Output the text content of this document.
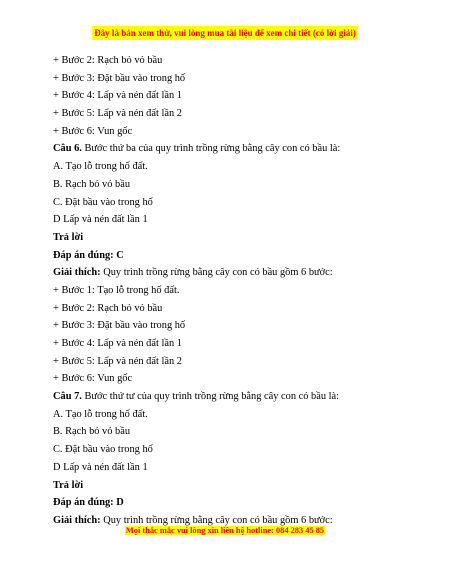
Đây là bản xem thử, vui lòng mua tài liệu để xem chi tiết (có lời giải)
+ Bước 2: Rạch bỏ vỏ bầu
+ Bước 3: Đặt bầu vào trong hố
+ Bước 4: Lấp và nén đất lần 1
+ Bước 5: Lấp và nén đất lần 2
+ Bước 6: Vun gốc
Câu 6. Bước thứ ba của quy trình trồng rừng bằng cây con có bầu là:
A. Tạo lỗ trong hố đất.
B. Rạch bỏ vỏ bầu
C. Đặt bầu vào trong hố
D Lấp và nén đất lần 1
Trả lời
Đáp án đúng: C
Giải thích: Quy trình trồng rừng bằng cây con có bầu gồm 6 bước:
+ Bước 1: Tạo lỗ trong hố đất.
+ Bước 2: Rạch bỏ vỏ bầu
+ Bước 3: Đặt bầu vào trong hố
+ Bước 4: Lấp và nén đất lần 1
+ Bước 5: Lấp và nén đất lần 2
+ Bước 6: Vun gốc
Câu 7. Bước thứ tư của quy trình trồng rừng bằng cây con có bầu là:
A. Tạo lỗ trong hố đất.
B. Rạch bỏ vỏ bầu
C. Đặt bầu vào trong hố
D Lấp và nén đất lần 1
Trả lời
Đáp án đúng: D
Giải thích: Quy trình trồng rừng bằng cây con có bầu gồm 6 bước:
Mọi thắc mắc vui lòng xin liên hệ hotline: 084 283 45 85
